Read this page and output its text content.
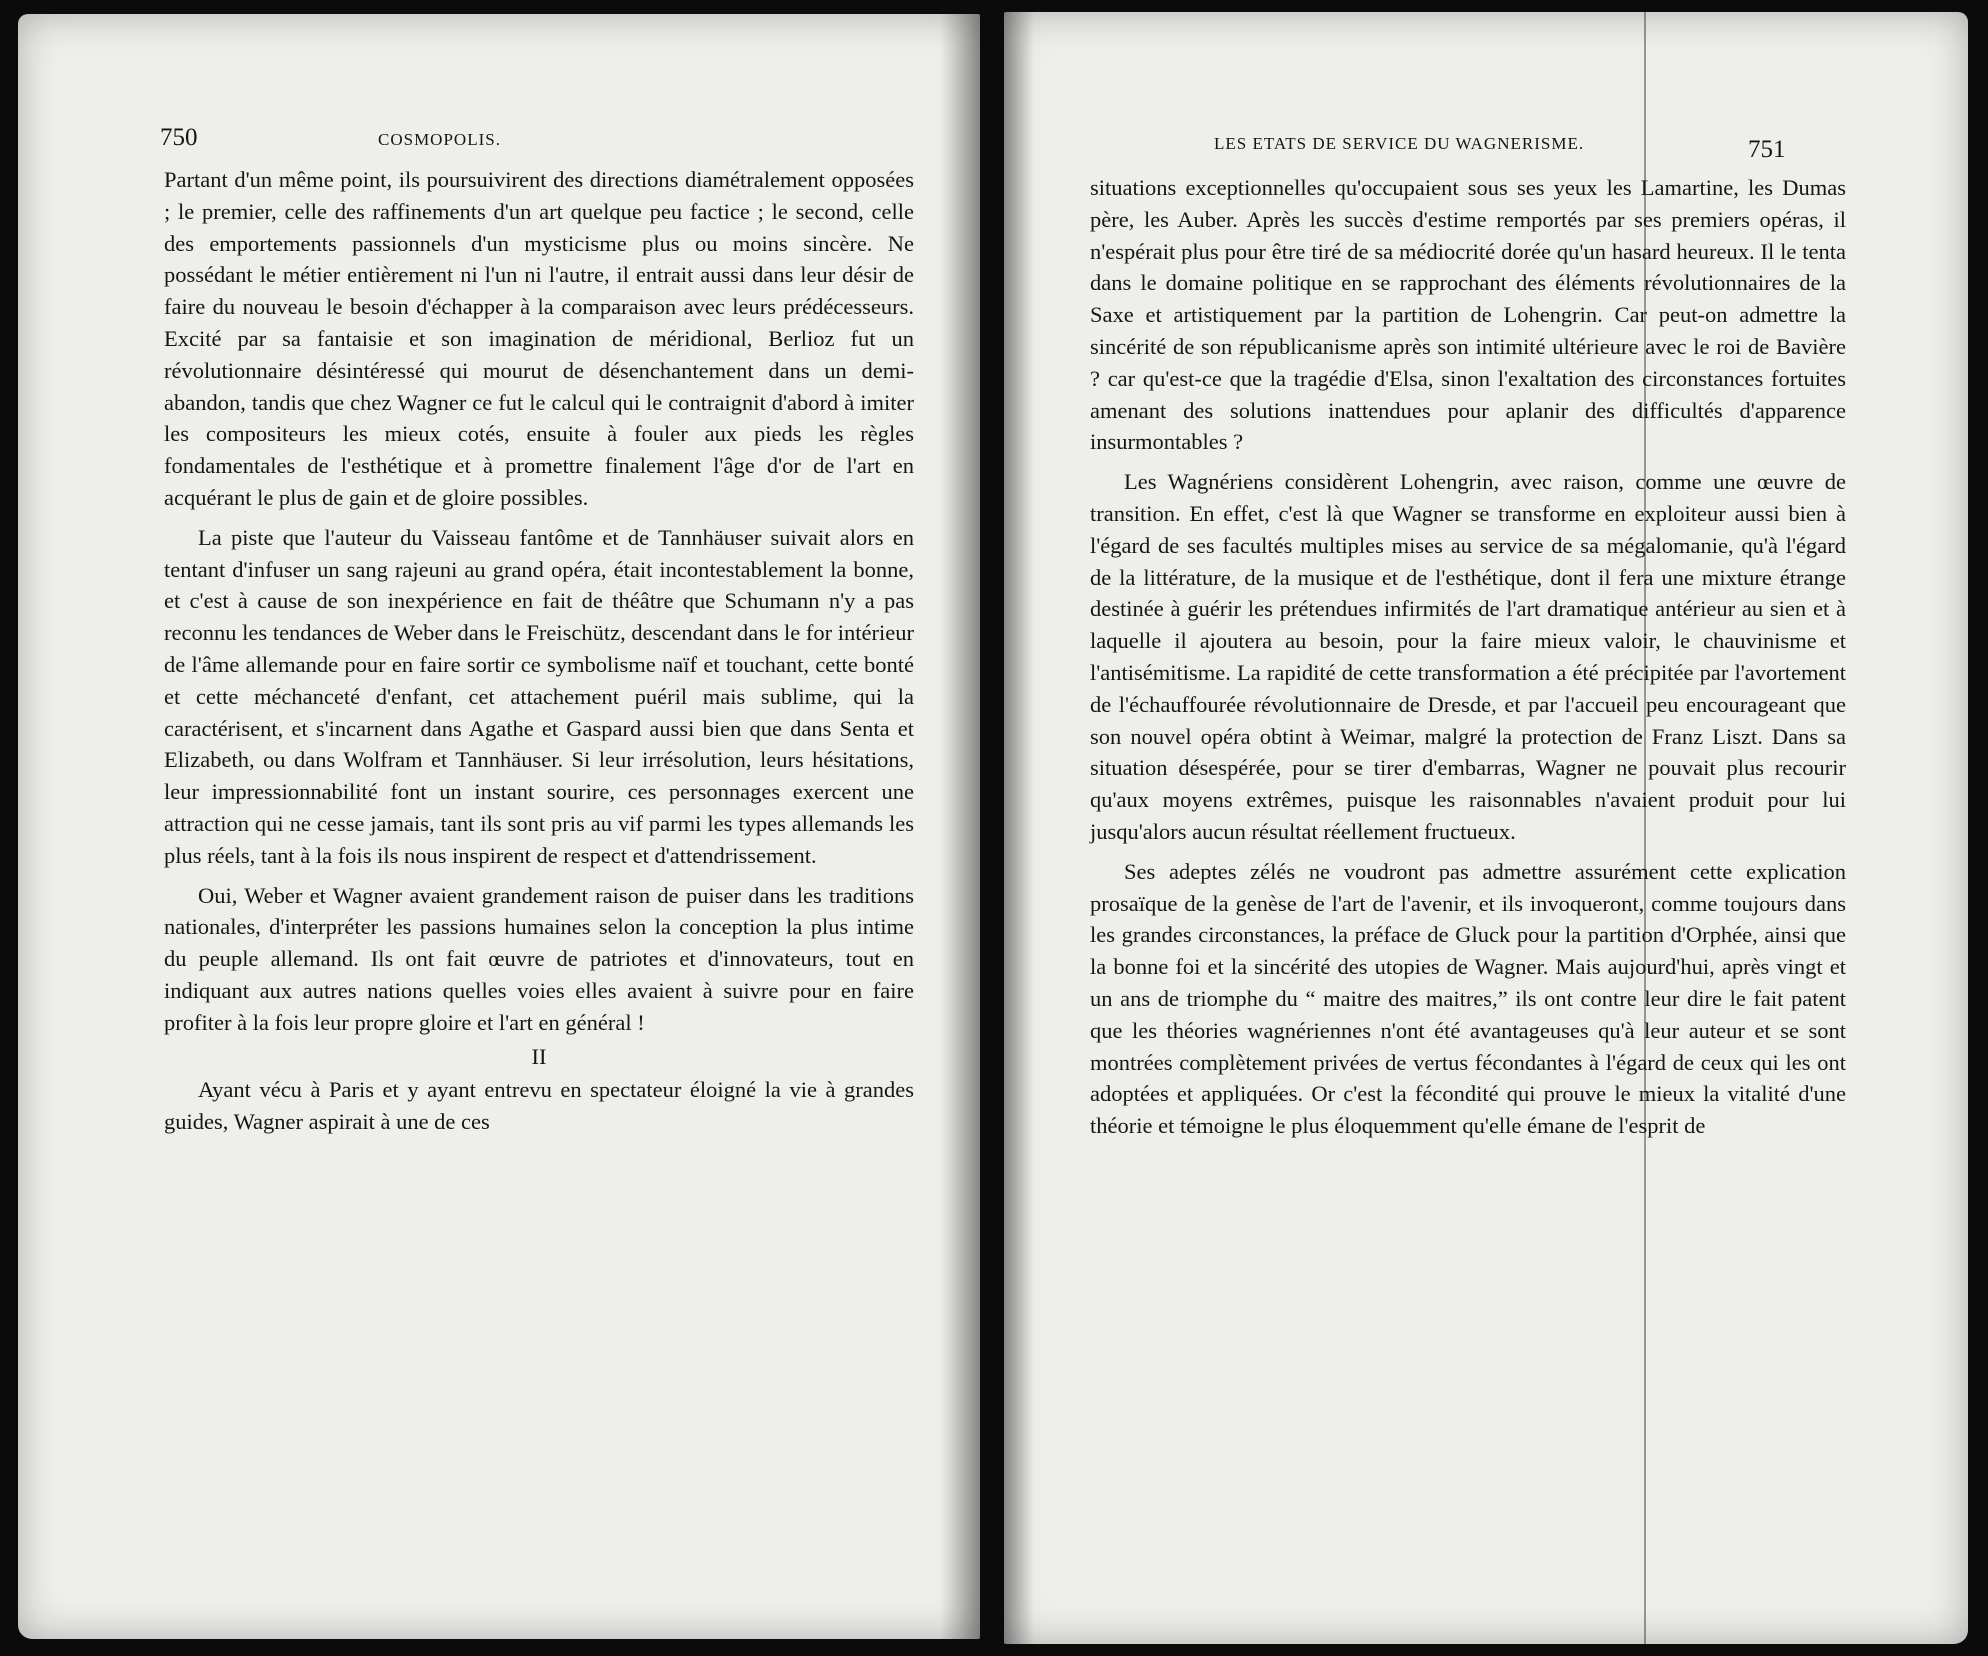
750	COSMOPOLIS.

Partant d'un même point, ils poursuivirent des directions diamétralement opposées ; le premier, celle des raffinements d'un art quelque peu factice ; le second, celle des emportements passionnels d'un mysticisme plus ou moins sincère. Ne possédant le métier entièrement ni l'un ni l'autre, il entrait aussi dans leur désir de faire du nouveau le besoin d'échapper à la comparaison avec leurs prédécesseurs. Excité par sa fantaisie et son imagination de méridional, Berlioz fut un révolutionnaire désintéressé qui mourut de désenchantement dans un demi-abandon, tandis que chez Wagner ce fut le calcul qui le contraignit d'abord à imiter les compositeurs les mieux cotés, ensuite à fouler aux pieds les règles fondamentales de l'esthétique et à promettre finalement l'âge d'or de l'art en acquérant le plus de gain et de gloire possibles.

La piste que l'auteur du Vaisseau fantôme et de Tannhäuser suivait alors en tentant d'infuser un sang rajeuni au grand opéra, était incontestablement la bonne, et c'est à cause de son inexpérience en fait de théâtre que Schumann n'y a pas reconnu les tendances de Weber dans le Freischütz, descendant dans le for intérieur de l'âme allemande pour en faire sortir ce symbolisme naïf et touchant, cette bonté et cette méchanceté d'enfant, cet attachement puéril mais sublime, qui la caractérisent, et s'incarnent dans Agathe et Gaspard aussi bien que dans Senta et Elizabeth, ou dans Wolfram et Tannhäuser. Si leur irrésolution, leurs hésitations, leur impressionnabilité font un instant sourire, ces personnages exercent une attraction qui ne cesse jamais, tant ils sont pris au vif parmi les types allemands les plus réels, tant à la fois ils nous inspirent de respect et d'attendrissement.

Oui, Weber et Wagner avaient grandement raison de puiser dans les traditions nationales, d'interpréter les passions humaines selon la conception la plus intime du peuple allemand. Ils ont fait œuvre de patriotes et d'innovateurs, tout en indiquant aux autres nations quelles voies elles avaient à suivre pour en faire profiter à la fois leur propre gloire et l'art en général !

II

Ayant vécu à Paris et y ayant entrevu en spectateur éloigné la vie à grandes guides, Wagner aspirait à une de ces

LES ETATS DE SERVICE DU WAGNERISME.	751

situations exceptionnelles qu'occupaient sous ses yeux les Lamartine, les Dumas père, les Auber. Après les succès d'estime remportés par ses premiers opéras, il n'espérait plus pour être tiré de sa médiocrité dorée qu'un hasard heureux. Il le tenta dans le domaine politique en se rapprochant des éléments révolutionnaires de la Saxe et artistiquement par la partition de Lohengrin. Car peut-on admettre la sincérité de son républicanisme après son intimité ultérieure avec le roi de Bavière ? car qu'est-ce que la tragédie d'Elsa, sinon l'exaltation des circonstances fortuites amenant des solutions inattendues pour aplanir des difficultés d'apparence insurmontables ?

Les Wagnériens considèrent Lohengrin, avec raison, comme une œuvre de transition. En effet, c'est là que Wagner se transforme en exploiteur aussi bien à l'égard de ses facultés multiples mises au service de sa mégalomanie, qu'à l'égard de la littérature, de la musique et de l'esthétique, dont il fera une mixture étrange destinée à guérir les prétendues infirmités de l'art dramatique antérieur au sien et à laquelle il ajoutera au besoin, pour la faire mieux valoir, le chauvinisme et l'antisémitisme. La rapidité de cette transformation a été précipitée par l'avortement de l'échauffourée révolutionnaire de Dresde, et par l'accueil peu encourageant que son nouvel opéra obtint à Weimar, malgré la protection de Franz Liszt. Dans sa situation désespérée, pour se tirer d'embarras, Wagner ne pouvait plus recourir qu'aux moyens extrêmes, puisque les raisonnables n'avaient produit pour lui jusqu'alors aucun résultat réellement fructueux.

Ses adeptes zélés ne voudront pas admettre assurément cette explication prosaïque de la genèse de l'art de l'avenir, et ils invoqueront, comme toujours dans les grandes circonstances, la préface de Gluck pour la partition d'Orphée, ainsi que la bonne foi et la sincérité des utopies de Wagner. Mais aujourd'hui, après vingt et un ans de triomphe du “ maitre des maitres,” ils ont contre leur dire le fait patent que les théories wagnériennes n'ont été avantageuses qu'à leur auteur et se sont montrées complètement privées de vertus fécondantes à l'égard de ceux qui les ont adoptées et appliquées. Or c'est la fécondité qui prouve le mieux la vitalité d'une théorie et témoigne le plus éloquemment qu'elle émane de l'esprit de
